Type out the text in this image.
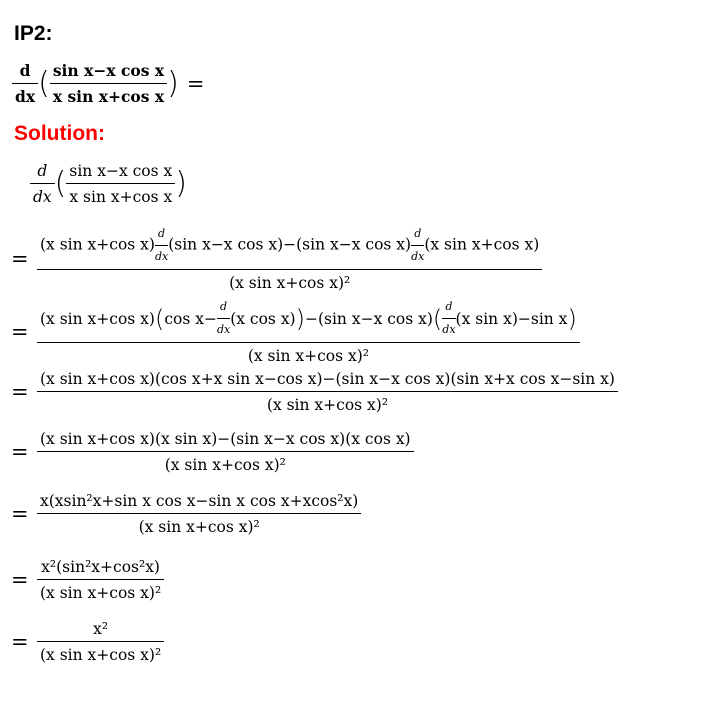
IP2:
$\frac{d}{dx}$ ( $\frac{\text{sin x−x cos x}}{\text{x sin x+cos x}}$ ) =
Solution:
$\frac{d}{dx}$ ( $\frac{\text{sin x−x cos x}}{\text{x sin x+cos x}}$ )
=
(x sin x+cos $x) \frac{d}{dx} (\sin$ x−x cos x)−(sin x−x $\cos x) \frac{d}{dx} (x$ sin x+cos x)
(x sin x+cos x)²
=
(x sin x+cos x) ( $\cos x- \frac{d}{dx} (x$ cos x) ) −(sin x−x cos x) ( $\frac{d}{dx} (x$ sin x)−sin x )
(x sin x+cos x)²
=
(x sin x+cos x)(cos x+x sin x−cos x)−(sin x−x cos x)(sin x+x cos x−sin x)
(x sin x+cos x)²
= $\frac{\text{(x sin x+cos x)(x sin x)−(sin x−x cos x)(x cos x)}}{\text{(x sin x+cos x)²}}$
= $\frac{\text{x(xsin²x+sin x cos x−sin x cos x+xcos²x)}}{\text{(x sin x+cos x)²}}$
= $\frac{\text{x²(sin²x+cos²x)}}{\text{(x sin x+cos x)²}}$
= $\frac{\text{x²}}{\text{(x sin x+cos x)²}}$
